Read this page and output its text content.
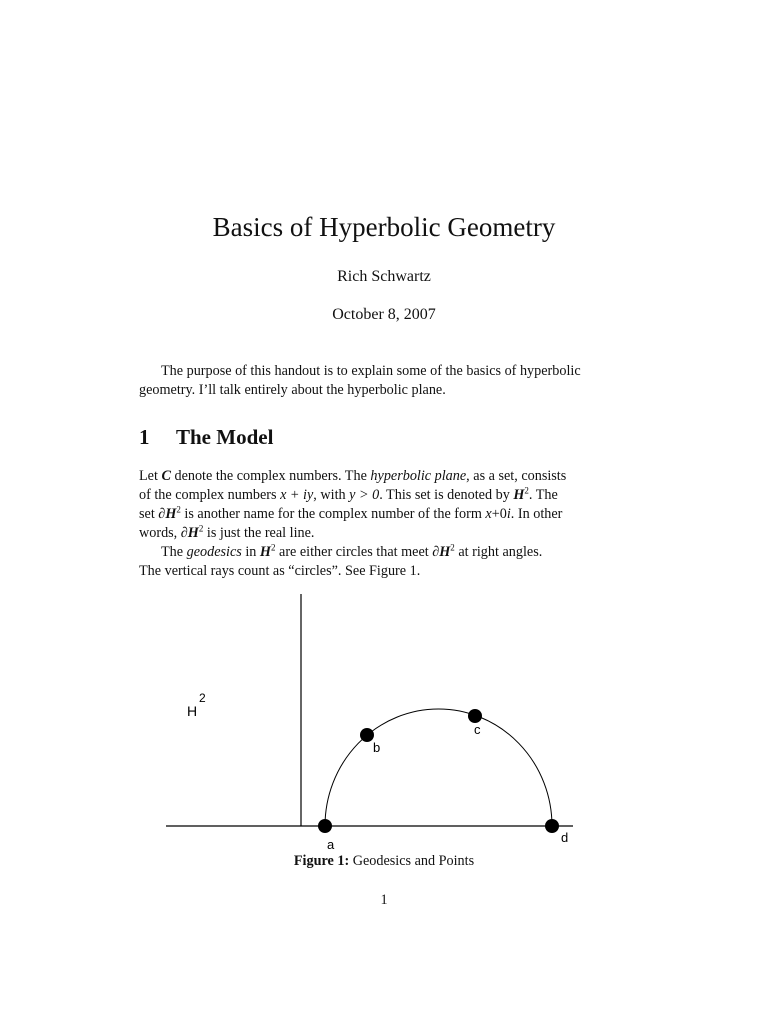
Basics of Hyperbolic Geometry
Rich Schwartz
October 8, 2007
The purpose of this handout is to explain some of the basics of hyperbolic
geometry. I’ll talk entirely about the hyperbolic plane.
1 The Model
Let C denote the complex numbers. The hyperbolic plane, as a set, consists
of the complex numbers x + iy, with y > 0. This set is denoted by $H^2$. The
set $\partial H^2$ is another name for the complex number of the form x+0i. In other
words, $\partial H^2$ is just the real line.
The geodesics in $H^2$ are either circles that meet $\partial H^2$ at right angles.
The vertical rays count as “circles”. See Figure 1.
H
2
a
b
c
d
Figure 1: Geodesics and Points
1
